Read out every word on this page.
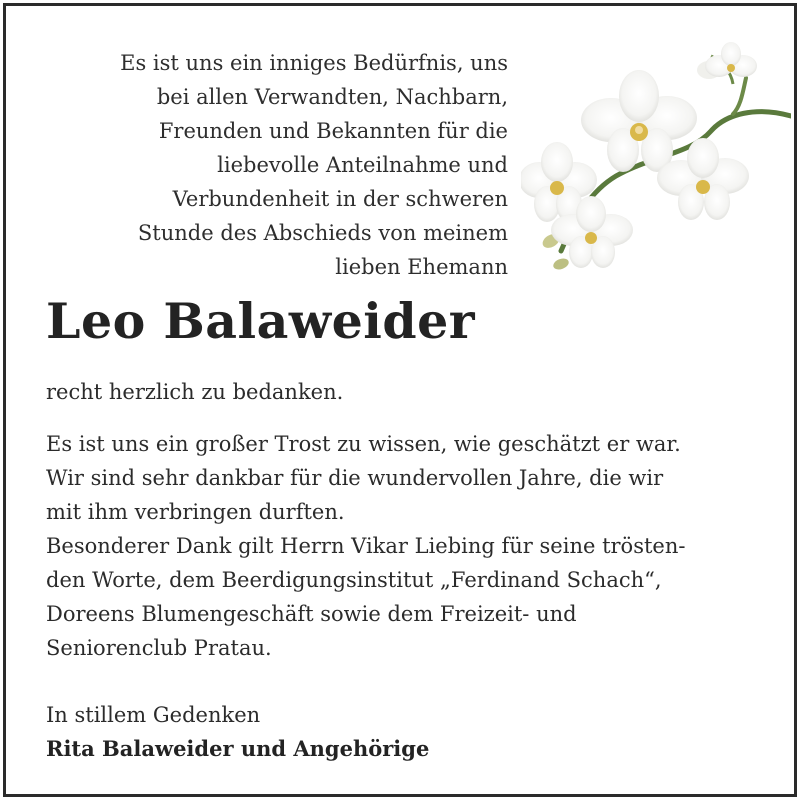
Es ist uns ein inniges Bedürfnis, uns
bei allen Verwandten, Nachbarn,
Freunden und Bekannten für die
liebevolle Anteilnahme und
Verbundenheit in der schweren
Stunde des Abschieds von meinem
lieben Ehemann
Leo Balaweider
recht herzlich zu bedanken.
Es ist uns ein großer Trost zu wissen, wie geschätzt er war.
Wir sind sehr dankbar für die wundervollen Jahre, die wir
mit ihm verbringen durften.
Besonderer Dank gilt Herrn Vikar Liebing für seine trösten-
den Worte, dem Beerdigungsinstitut „Ferdinand Schach“,
Doreens Blumengeschäft sowie dem Freizeit- und
Seniorenclub Pratau.
In stillem Gedenken
Rita Balaweider und Angehörige
